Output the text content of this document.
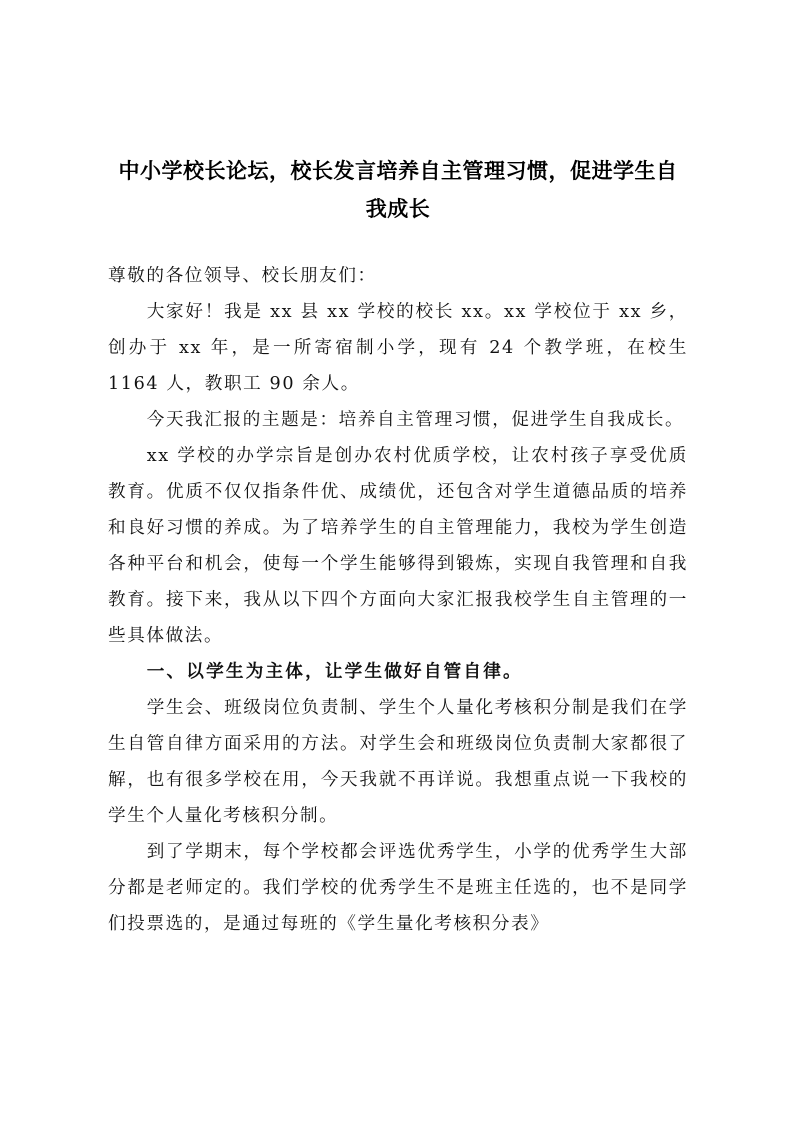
中小学校长论坛，校长发言培养自主管理习惯，促进学生自我成长

尊敬的各位领导、校长朋友们：

大家好！我是 xx 县 xx 学校的校长 xx。xx 学校位于 xx 乡，创办于 xx 年，是一所寄宿制小学，现有 24 个教学班，在校生 1164 人，教职工 90 余人。

今天我汇报的主题是：培养自主管理习惯，促进学生自我成长。

xx 学校的办学宗旨是创办农村优质学校，让农村孩子享受优质教育。优质不仅仅指条件优、成绩优，还包含对学生道德品质的培养和良好习惯的养成。为了培养学生的自主管理能力，我校为学生创造各种平台和机会，使每一个学生能够得到锻炼，实现自我管理和自我教育。接下来，我从以下四个方面向大家汇报我校学生自主管理的一些具体做法。

一、以学生为主体，让学生做好自管自律。

学生会、班级岗位负责制、学生个人量化考核积分制是我们在学生自管自律方面采用的方法。对学生会和班级岗位负责制大家都很了解，也有很多学校在用，今天我就不再详说。我想重点说一下我校的学生个人量化考核积分制。

到了学期末，每个学校都会评选优秀学生，小学的优秀学生大部分都是老师定的。我们学校的优秀学生不是班主任选的，也不是同学们投票选的，是通过每班的《学生量化考核积分表》
